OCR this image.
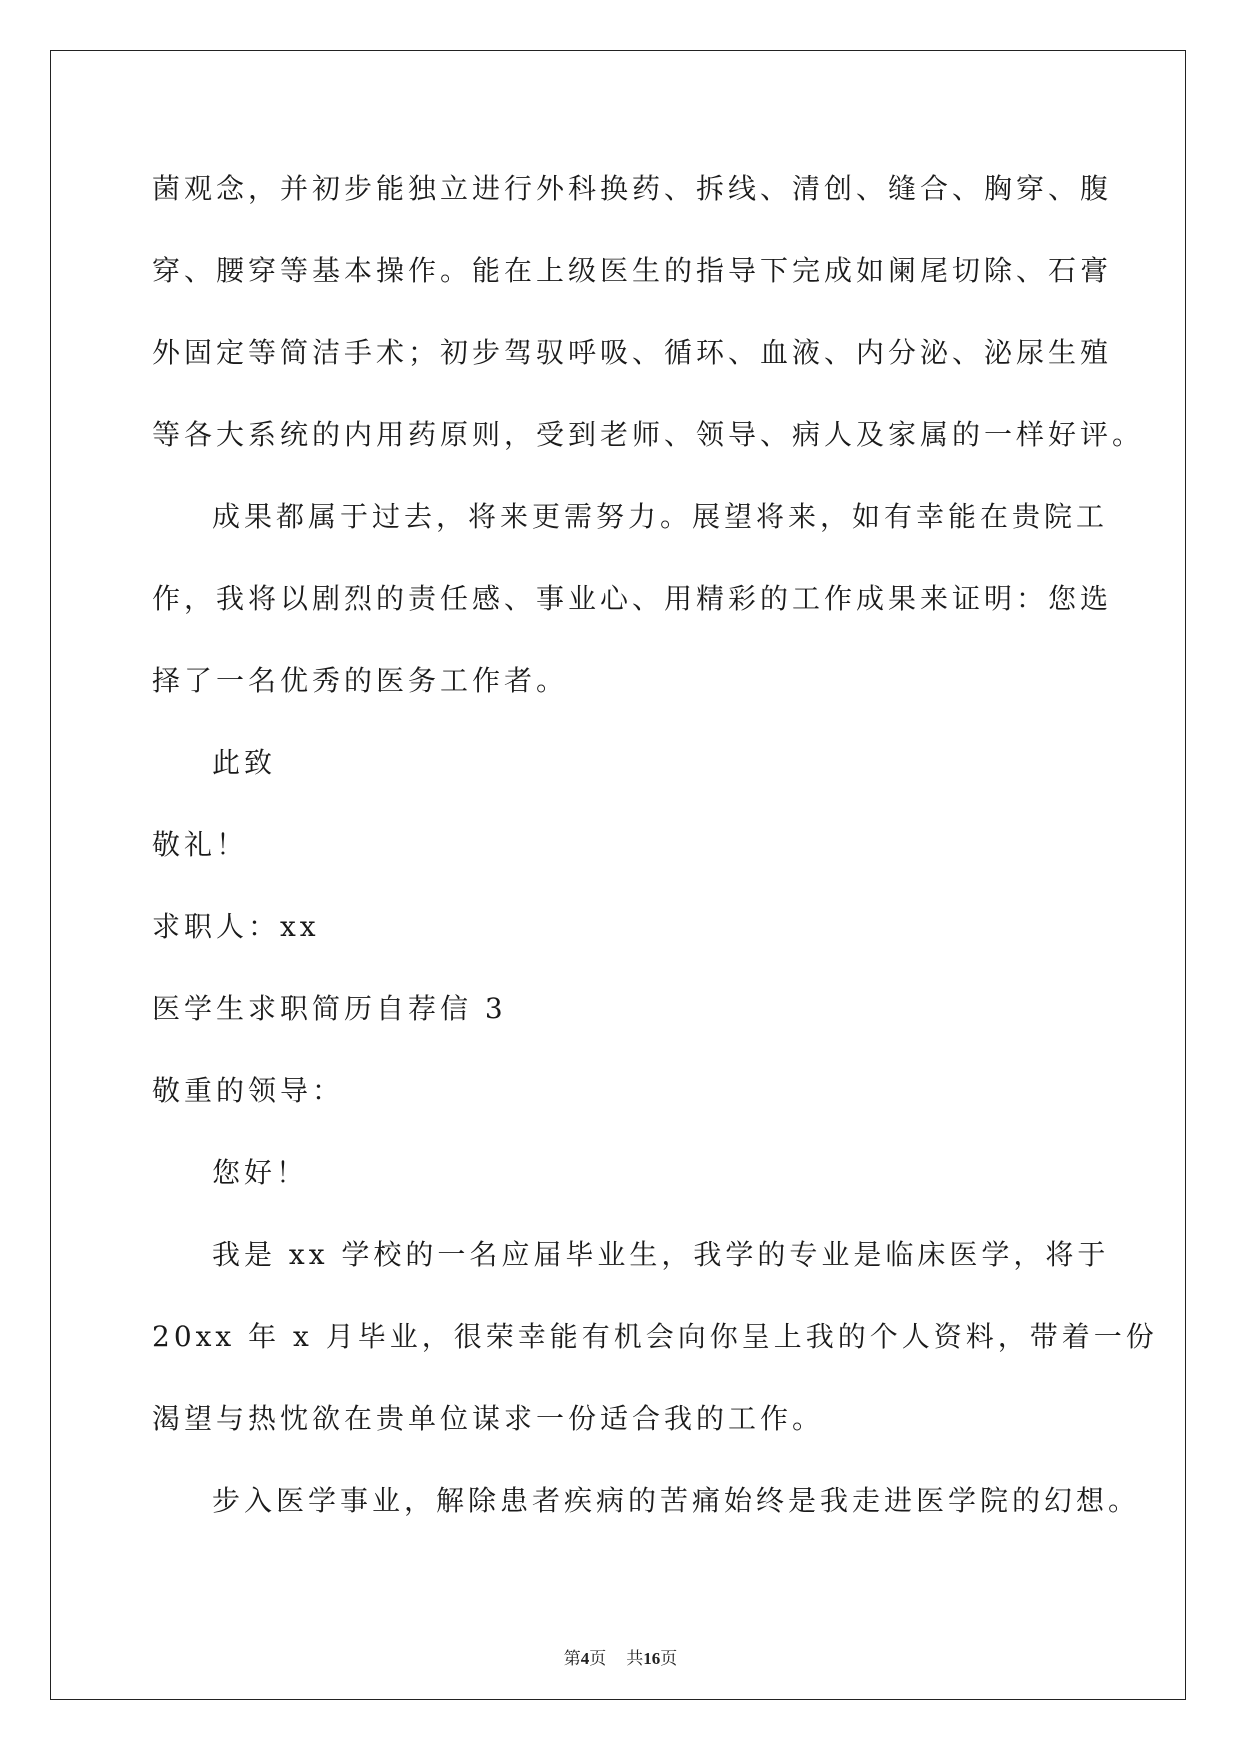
菌观念，并初步能独立进行外科换药、拆线、清创、缝合、胸穿、腹
穿、腰穿等基本操作。能在上级医生的指导下完成如阑尾切除、石膏
外固定等简洁手术；初步驾驭呼吸、循环、血液、内分泌、泌尿生殖
等各大系统的内用药原则，受到老师、领导、病人及家属的一样好评。
成果都属于过去，将来更需努力。展望将来，如有幸能在贵院工
作，我将以剧烈的责任感、事业心、用精彩的工作成果来证明：您选
择了一名优秀的医务工作者。
此致
敬礼！
求职人：xx
医学生求职简历自荐信 3
敬重的领导：
您好！
我是 xx 学校的一名应届毕业生，我学的专业是临床医学，将于
20xx 年 x 月毕业，很荣幸能有机会向你呈上我的个人资料，带着一份
渴望与热忱欲在贵单位谋求一份适合我的工作。
步入医学事业，解除患者疾病的苦痛始终是我走进医学院的幻想。
第4页 共16页
